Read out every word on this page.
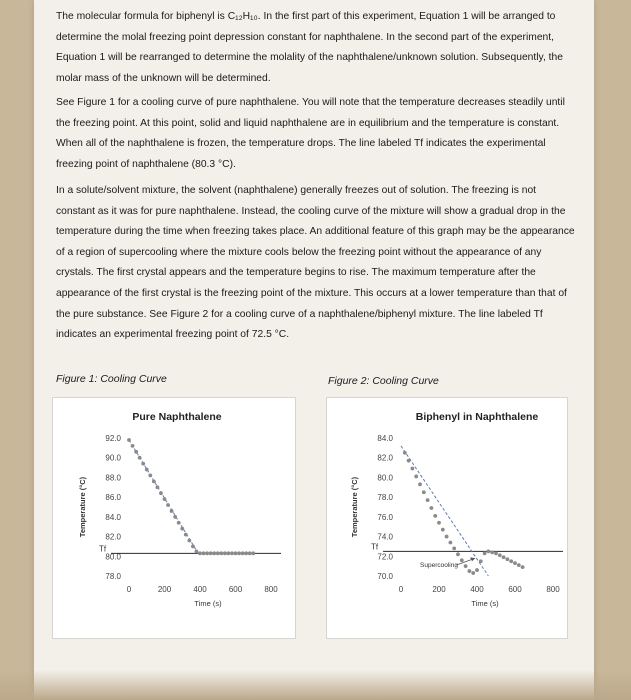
The molecular formula for biphenyl is C₁₂H₁₀. In the first part of this experiment, Equation 1 will be arranged to determine the molal freezing point depression constant for naphthalene. In the second part of the experiment, Equation 1 will be rearranged to determine the molality of the naphthalene/unknown solution. Subsequently, the molar mass of the unknown will be determined.
See Figure 1 for a cooling curve of pure naphthalene. You will note that the temperature decreases steadily until the freezing point. At this point, solid and liquid naphthalene are in equilibrium and the temperature is constant. When all of the naphthalene is frozen, the temperature drops. The line labeled Tf indicates the experimental freezing point of naphthalene (80.3 °C).
In a solute/solvent mixture, the solvent (naphthalene) generally freezes out of solution. The freezing is not constant as it was for pure naphthalene. Instead, the cooling curve of the mixture will show a gradual drop in the temperature during the time when freezing takes place. An additional feature of this graph may be the appearance of a region of supercooling where the mixture cools below the freezing point without the appearance of any crystals. The first crystal appears and the temperature begins to rise. The maximum temperature after the appearance of the first crystal is the freezing point of the mixture. This occurs at a lower temperature than that of the pure substance. See Figure 2 for a cooling curve of a naphthalene/biphenyl mixture. The line labeled Tf indicates an experimental freezing point of 72.5 °C.
Figure 1: Cooling Curve	Figure 2: Cooling Curve
Pure Naphthalene
92.0
90.0
88.0
86.0
84.0
82.0
80.0
78.0
0	200	400	600	800
Time (s)
Temperature (°C)
Tf
Biphenyl in Naphthalene
84.0
82.0
80.0
78.0
76.0
74.0
72.0
70.0
0	200	400	600	800
Time (s)
Temperature (°C)
Tf
Supercooling
